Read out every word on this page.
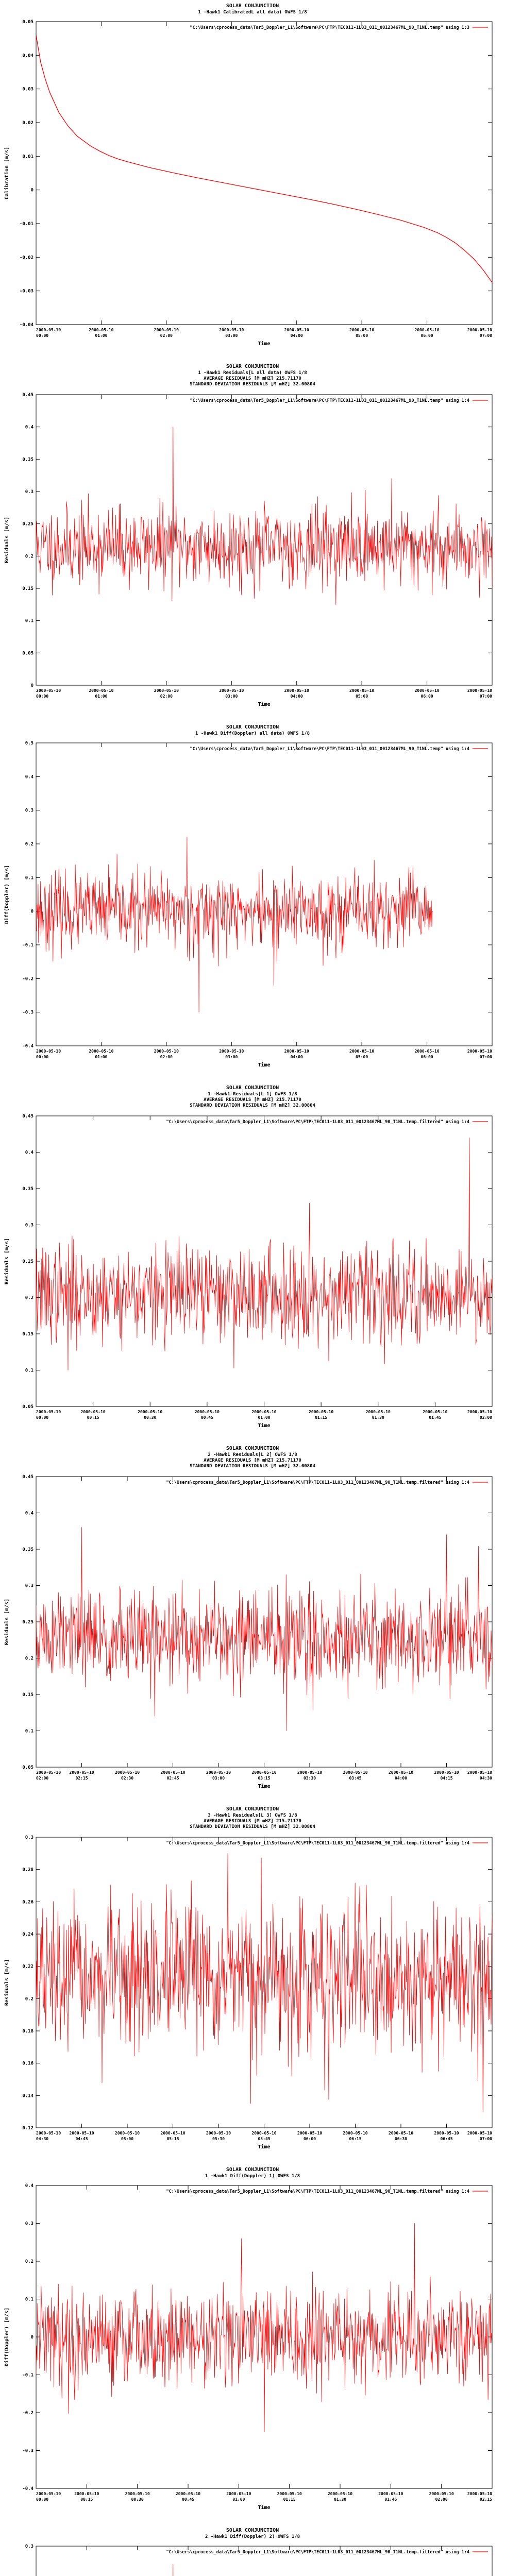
SOLAR CONJUNCTION
1 -Hawk1 CalibratedL all data) OWFS 1/8
0.05
0.04
0.03
0.02
0.01
0
-0.01
-0.02
-0.03
-0.04
2000-05-10
00:00
2000-05-10
01:00
2000-05-10
02:00
2000-05-10
03:00
2000-05-10
04:00
2000-05-10
05:00
2000-05-10
06:00
2000-05-10
07:00
Time
Calibration [m/s]
"C:\Users\cprocess_data\Tar5_Doppler_L1\Software\PC\FTP\TEC011-1L03_011_00123467ML_90_T1NL.temp" using 1:3
SOLAR CONJUNCTION
1 -Hawk1 Residuals[L all data) OWFS 1/8
AVERAGE RESIDUALS [M mHZ] 215.71170
STANDARD DEVIATION RESIDUALS [M mHZ] 32.00804
0.45
0.4
0.35
0.3
0.25
0.2
0.15
0.1
0.05
0
2000-05-10
00:00
2000-05-10
01:00
2000-05-10
02:00
2000-05-10
03:00
2000-05-10
04:00
2000-05-10
05:00
2000-05-10
06:00
2000-05-10
07:00
Time
Residuals [m/s]
"C:\Users\cprocess_data\Tar5_Doppler_L1\Software\PC\FTP\TEC011-1L03_011_00123467ML_90_T1NL.temp" using 1:4
SOLAR CONJUNCTION
1 -Hawk1 Diff(Doppler) all data) OWFS 1/8
0.5
0.4
0.3
0.2
0.1
0
-0.1
-0.2
-0.3
-0.4
2000-05-10
00:00
2000-05-10
01:00
2000-05-10
02:00
2000-05-10
03:00
2000-05-10
04:00
2000-05-10
05:00
2000-05-10
06:00
2000-05-10
07:00
Time
Diff(Doppler) [m/s]
"C:\Users\cprocess_data\Tar5_Doppler_L1\Software\PC\FTP\TEC011-1L03_011_00123467ML_90_T1NL.temp" using 1:4
SOLAR CONJUNCTION
1 -Hawk1 Residuals[L 1] OWFS 1/8
AVERAGE RESIDUALS [M mHZ] 215.71170
STANDARD DEVIATION RESIDUALS [M mHZ] 32.00804
0.45
0.4
0.35
0.3
0.25
0.2
0.15
0.1
0.05
2000-05-10
00:00
2000-05-10
00:15
2000-05-10
00:30
2000-05-10
00:45
2000-05-10
01:00
2000-05-10
01:15
2000-05-10
01:30
2000-05-10
01:45
2000-05-10
02:00
Time
Residuals [m/s]
"C:\Users\cprocess_data\Tar5_Doppler_L1\Software\PC\FTP\TEC011-1L03_011_00123467ML_90_T1NL.temp.filtered" using 1:4
SOLAR CONJUNCTION
2 -Hawk1 Residuals[L 2] OWFS 1/8
AVERAGE RESIDUALS [M mHZ] 215.71170
STANDARD DEVIATION RESIDUALS [M mHZ] 32.00804
0.45
0.4
0.35
0.3
0.25
0.2
0.15
0.1
0.05
2000-05-10
02:00
2000-05-10
02:15
2000-05-10
02:30
2000-05-10
02:45
2000-05-10
03:00
2000-05-10
03:15
2000-05-10
03:30
2000-05-10
03:45
2000-05-10
04:00
2000-05-10
04:15
2000-05-10
04:30
Time
Residuals [m/s]
"C:\Users\cprocess_data\Tar5_Doppler_L1\Software\PC\FTP\TEC011-1L03_011_00123467ML_90_T1NL.temp.filtered" using 1:4
SOLAR CONJUNCTION
3 -Hawk1 Residuals[L 3] OWFS 1/8
AVERAGE RESIDUALS [M mHZ] 215.71170
STANDARD DEVIATION RESIDUALS [M mHZ] 32.00804
0.3
0.28
0.26
0.24
0.22
0.2
0.18
0.16
0.14
0.12
2000-05-10
04:30
2000-05-10
04:45
2000-05-10
05:00
2000-05-10
05:15
2000-05-10
05:30
2000-05-10
05:45
2000-05-10
06:00
2000-05-10
06:15
2000-05-10
06:30
2000-05-10
06:45
2000-05-10
07:00
Time
Residuals [m/s]
"C:\Users\cprocess_data\Tar5_Doppler_L1\Software\PC\FTP\TEC011-1L03_011_00123467ML_90_T1NL.temp.filtered" using 1:4
SOLAR CONJUNCTION
1 -Hawk1 Diff(Doppler) 1) OWFS 1/8
0.4
0.3
0.2
0.1
0
-0.1
-0.2
-0.3
-0.4
2000-05-10
00:00
2000-05-10
00:15
2000-05-10
00:30
2000-05-10
00:45
2000-05-10
01:00
2000-05-10
01:15
2000-05-10
01:30
2000-05-10
01:45
2000-05-10
02:00
2000-05-10
02:15
Time
Diff(Doppler) [m/s]
"C:\Users\cprocess_data\Tar5_Doppler_L1\Software\PC\FTP\TEC011-1L03_011_00123467ML_90_T1NL.temp.filtered" using 1:4
SOLAR CONJUNCTION
2 -Hawk1 Diff(Doppler) 2) OWFS 1/8
0.3
"C:\Users\cprocess_data\Tar5_Doppler_L1\Software\PC\FTP\TEC011-1L03_011_00123467ML_90_T1NL.temp.filtered" using 1:4
